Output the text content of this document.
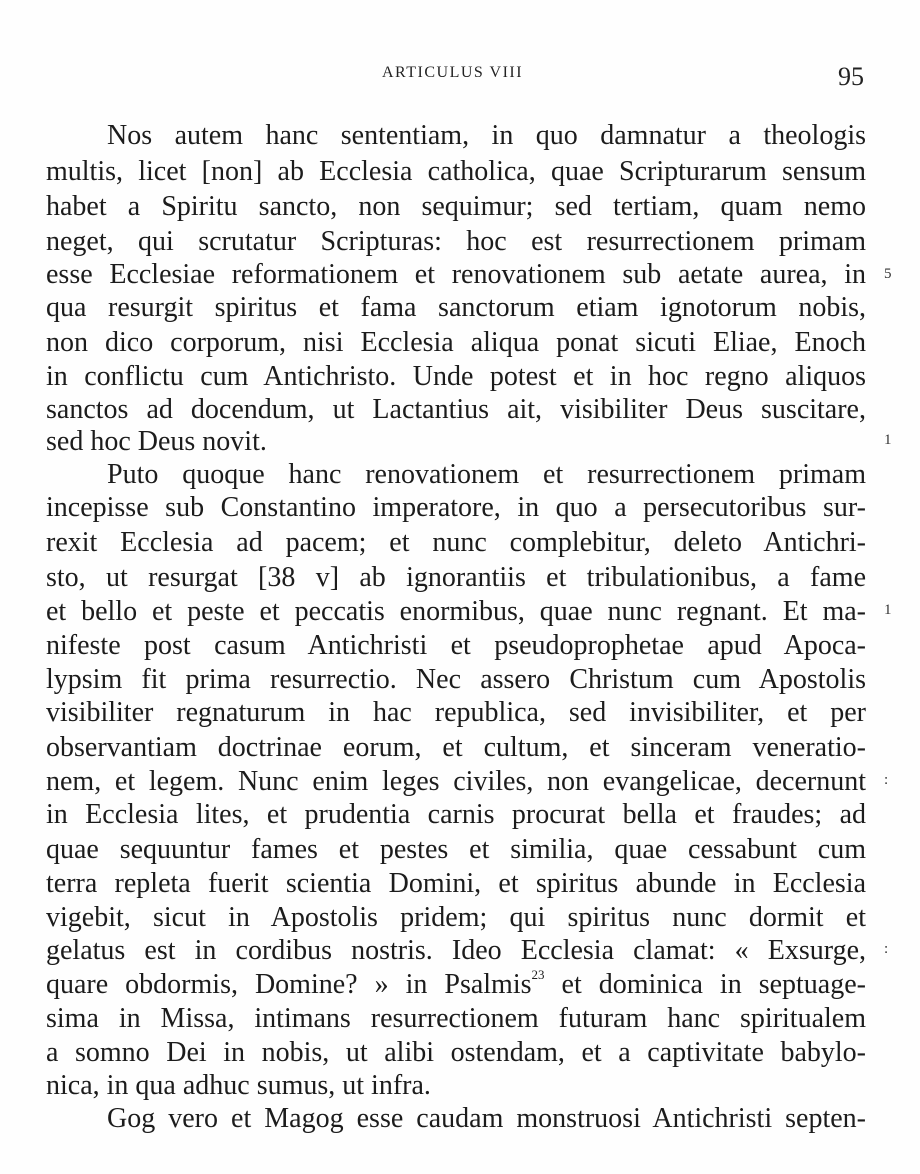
ARTICULUS VIII	95
Nos autem hanc sententiam, in quo damnatur a theologis
multis, licet [non] ab Ecclesia catholica, quae Scripturarum sensum
habet a Spiritu sancto, non sequimur; sed tertiam, quam nemo
neget, qui scrutatur Scripturas: hoc est resurrectionem primam
esse Ecclesiae reformationem et renovationem sub aetate aurea, in
qua resurgit spiritus et fama sanctorum etiam ignotorum nobis,
non dico corporum, nisi Ecclesia aliqua ponat sicuti Eliae, Enoch
in conflictu cum Antichristo. Unde potest et in hoc regno aliquos
sanctos ad docendum, ut Lactantius ait, visibiliter Deus suscitare,
sed hoc Deus novit.
Puto quoque hanc renovationem et resurrectionem primam
incepisse sub Constantino imperatore, in quo a persecutoribus sur-
rexit Ecclesia ad pacem; et nunc complebitur, deleto Antichri-
sto, ut resurgat [38 v] ab ignorantiis et tribulationibus, a fame
et bello et peste et peccatis enormibus, quae nunc regnant. Et ma-
nifeste post casum Antichristi et pseudoprophetae apud Apoca-
lypsim fit prima resurrectio. Nec assero Christum cum Apostolis
visibiliter regnaturum in hac republica, sed invisibiliter, et per
observantiam doctrinae eorum, et cultum, et sinceram veneratio-
nem, et legem. Nunc enim leges civiles, non evangelicae, decernunt
in Ecclesia lites, et prudentia carnis procurat bella et fraudes; ad
quae sequuntur fames et pestes et similia, quae cessabunt cum
terra repleta fuerit scientia Domini, et spiritus abunde in Ecclesia
vigebit, sicut in Apostolis pridem; qui spiritus nunc dormit et
gelatus est in cordibus nostris. Ideo Ecclesia clamat: « Exsurge,
quare obdormis, Domine? » in Psalmis$^{23}$ et dominica in septuage-
sima in Missa, intimans resurrectionem futuram hanc spiritualem
a somno Dei in nobis, ut alibi ostendam, et a captivitate babylo-
nica, in qua adhuc sumus, ut infra.
Gog vero et Magog esse caudam monstruosi Antichristi septen-
5
1
1
:
:
